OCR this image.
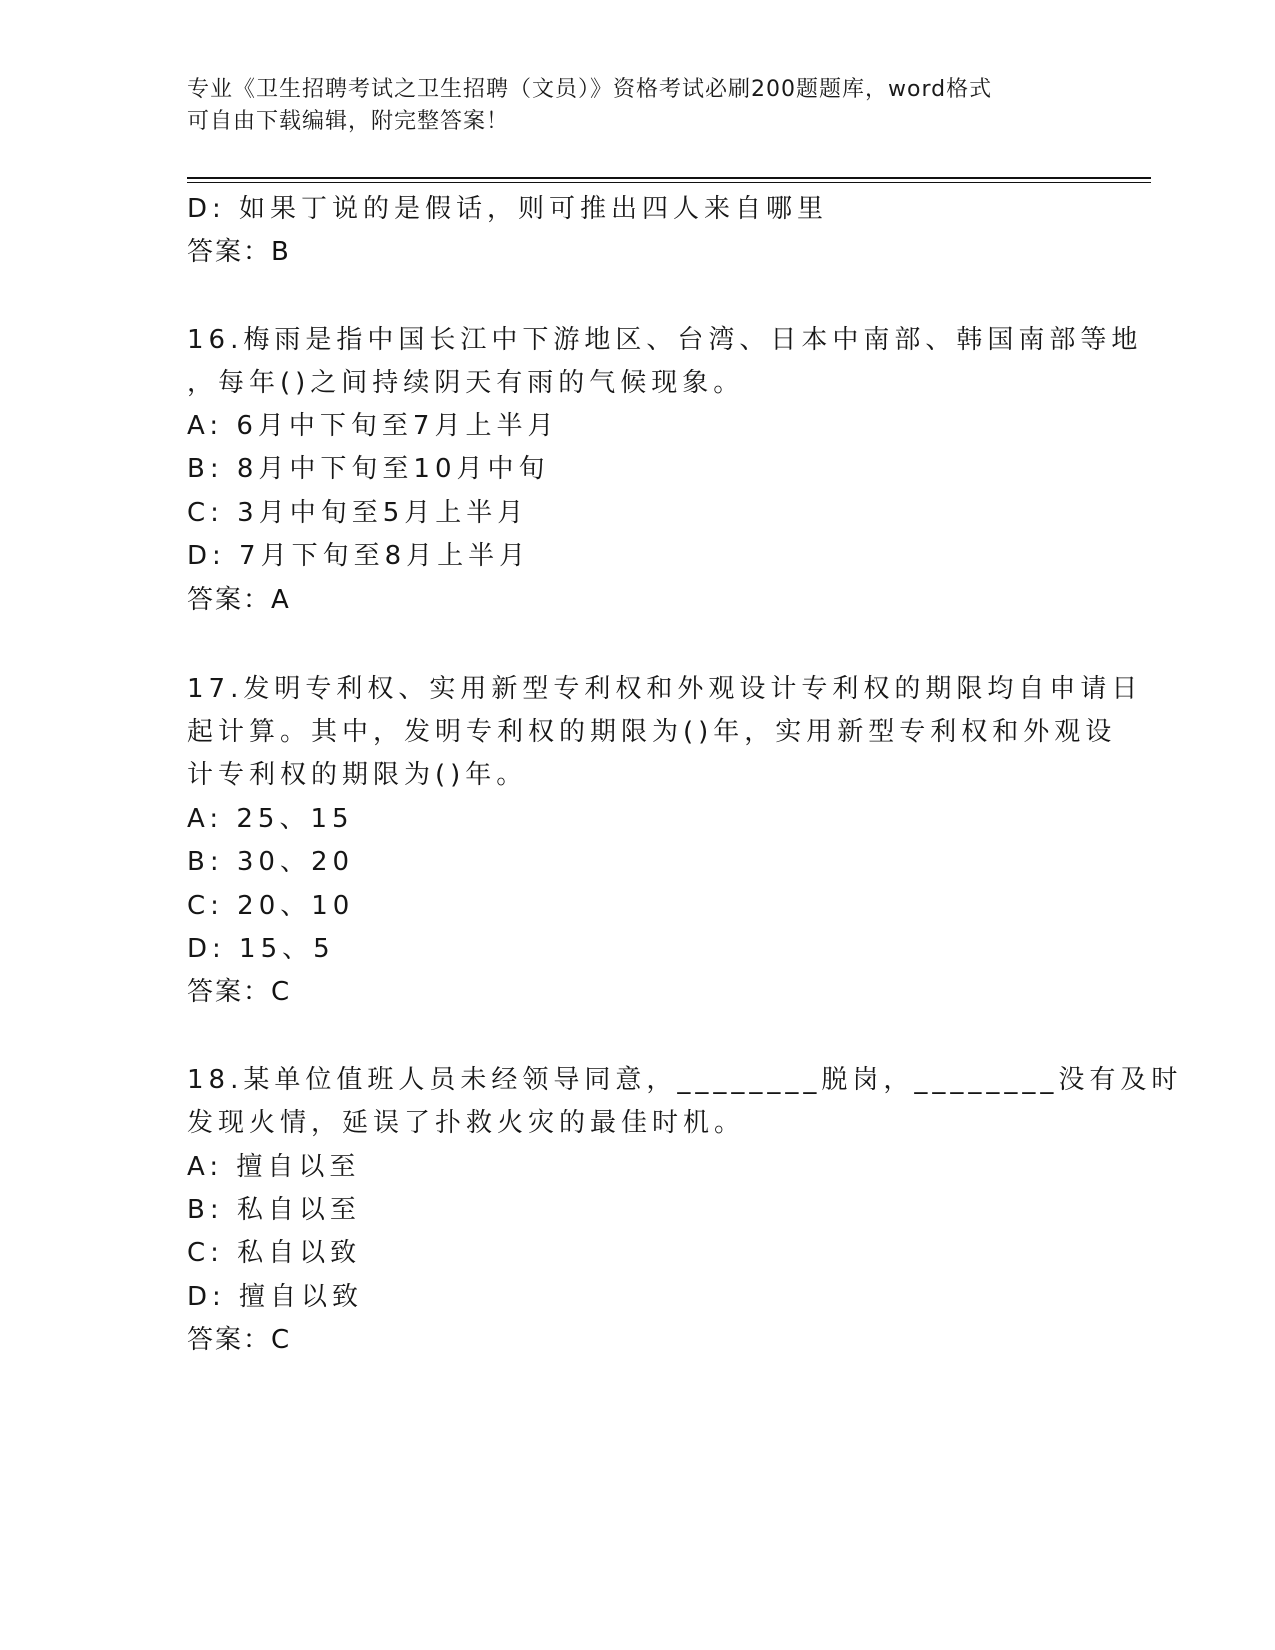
专业《卫生招聘考试之卫生招聘（文员）》资格考试必刷200题题库，word格式
可自由下载编辑，附完整答案！
D: 如果丁说的是假话，则可推出四人来自哪里
答案：B
16.梅雨是指中国长江中下游地区、台湾、日本中南部、韩国南部等地
，每年()之间持续阴天有雨的气候现象。
A: 6月中下旬至7月上半月
B: 8月中下旬至10月中旬
C: 3月中旬至5月上半月
D: 7月下旬至8月上半月
答案：A
17.发明专利权、实用新型专利权和外观设计专利权的期限均自申请日
起计算。其中，发明专利权的期限为()年，实用新型专利权和外观设
计专利权的期限为()年。
A: 25、15
B: 30、20
C: 20、10
D: 15、5
答案：C
18.某单位值班人员未经领导同意，________脱岗，________没有及时
发现火情，延误了扑救火灾的最佳时机。
A: 擅自以至
B: 私自以至
C: 私自以致
D: 擅自以致
答案：C
